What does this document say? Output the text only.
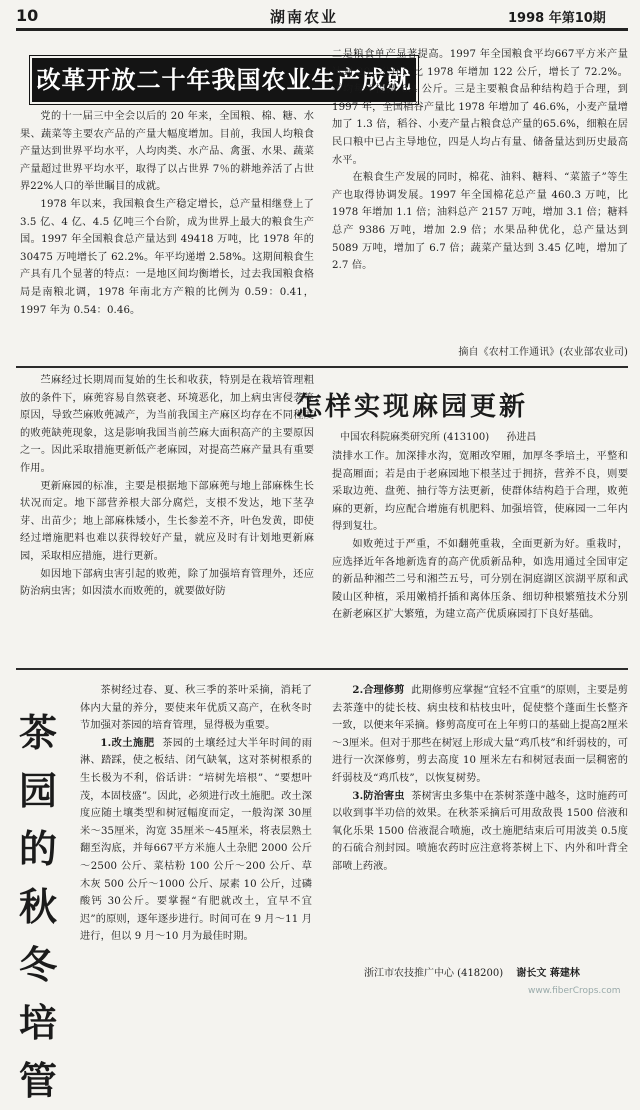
10	湖南农业	1998 年第10期
改革开放二十年我国农业生产成就

党的十一届三中全会以后的 20 年来，全国粮、棉、糖、水果、蔬菜等主要农产品的产量大幅度增加。目前，我国人均粮食产量达到世界平均水平，人均肉类、水产品、禽蛋、水果、蔬菜产量超过世界平均水平，取得了以占世界 7％的耕地养活了占世界22%人口的举世瞩目的成就。

1978 年以来，我国粮食生产稳定增长，总产量相继登上了 3.5 亿、4 亿、4.5 亿吨三个台阶，成为世界上最大的粮食生产国。1997 年全国粮食总产量达到 49418 万吨，比 1978 年的 30475 万吨增长了 62.2%。年平均递增 2.58%。这期间粮食生产具有几个显著的特点：一是地区间均衡增长，过去我国粮食格局是南粮北调，1978 年南北方产粮的比例为 0.59：0.41，1997 年为 0.54：0.46。

二是粮食单产显著提高。1997 年全国粮食平均667平方米产量达到 291 公斤，比 1978 年增加 122 公斤，增长了 72.2%。平均每年提高 6.4 公斤。三是主要粮食品种结构趋于合理，到 1997 年，全国稻谷产量比 1978 年增加了 46.6%，小麦产量增加了 1.3 倍，稻谷、小麦产量占粮食总产量的65.6%，细粮在居民口粮中已占主导地位，四是人均占有量、储备量达到历史最高水平。

在粮食生产发展的同时，棉花、油料、糖料、“菜篮子”等生产也取得协调发展。1997 年全国棉花总产量 460.3 万吨，比 1978 年增加 1.1 倍；油料总产 2157 万吨，增加 3.1 倍；糖料总产 9386 万吨，增加 2.9 倍；水果品种优化，总产量达到 5089 万吨，增加了 6.7 倍；蔬菜产量达到 3.45 亿吨，增加了 2.7 倍。

摘自《农村工作通讯》(农业部农业司)
怎样实现麻园更新
中国农科院麻类研究所 (413100) 孙进昌

苎麻经过长期周而复始的生长和收获，特别是在栽培管理粗放的条件下，麻蔸容易自然衰老、环境恶化，加上病虫害侵袭等原因，导致苎麻败蔸减产，为当前我国主产麻区均存在不同程度的败蔸缺蔸现象，这是影响我国当前苎麻大面积高产的主要原因之一。因此采取措施更新低产老麻园，对提高苎麻产量具有重要作用。

更新麻园的标准，主要是根据地下部麻蔸与地上部麻株生长状况而定。地下部营养根大部分腐烂，支根不发达，地下茎孕芽、出苗少；地上部麻株矮小，生长参差不齐，叶色发黄，即使经过增施肥料也难以获得较好产量，就应及时有计划地更新麻园，采取相应措施，进行更新。

如因地下部病虫害引起的败蔸，除了加强培育管理外，还应防治病虫害；如因渍水而败蔸的，就要做好防

渍排水工作。加深排水沟，宽厢改窄厢，加厚冬季培土，平整和提高厢面；若是由于老麻园地下根茎过于拥挤，营养不良，则要采取边蔸、盘蔸、抽行等方法更新，使群体结构趋于合理，败蔸麻的更新，均应配合增施有机肥料、加强培管，使麻园一二年内得到复壮。

如败蔸过于严重，不如翻蔸重栽，全面更新为好。重栽时，应选择近年各地新选育的高产优质新品种，如选用通过全国审定的新品种湘苎二号和湘苎五号，可分别在洞庭湖区滨湖平原和武陵山区种植，采用嫩梢扦插和离体压条、细切种根繁殖技术分别在新老麻区扩大繁殖，为建立高产优质麻园打下良好基础。

茶
园
的
秋
冬
培
管

茶树经过春、夏、秋三季的茶叶采摘，消耗了体内大量的养分，要使来年优质又高产，在秋冬时节加强对茶园的培育管理，显得极为重要。

1.改土施肥 茶园的土壤经过大半年时间的雨淋、踏踩，使之板结、闭气缺氧，这对茶树根系的生长极为不利，俗话讲：“培树先培根”、“要想叶茂，本固枝盛”。因此，必须进行改土施肥。改土深度应随土壤类型和树冠幅度而定，一般沟深 30厘米～35厘米，沟宽 35厘米～45厘米，将表层熟土翻至沟底，并每667平方米施人土杂肥 2000 公斤～2500 公斤、菜枯粉 100 公斤～200 公斤、草木灰 500 公斤～1000 公斤、尿素 10 公斤，过磷酸钙 30公斤。要掌握“有肥就改土，宜早不宜迟”的原则，逐年逐步进行。时间可在 9 月～11 月进行，但以 9 月～10 月为最佳时期。

2.合理修剪 此期修剪应掌握“宜轻不宜重”的原则，主要是剪去茶蓬中的徒长枝、病虫枝和枯枝虫叶，促使整个蓬面生长整齐一致，以便来年采摘。修剪高度可在上年剪口的基础上提高2厘米～3厘米。但对于那些在树冠上形成大量“鸡爪枝”和纤弱枝的，可进行一次深修剪，剪去高度 10 厘米左右和树冠表面一层稠密的纤弱枝及“鸡爪枝”，以恢复树势。

3.防治害虫 茶树害虫多集中在茶树茶蓬中越冬，这时施药可以收到事半功倍的效果。在秋茶采摘后可用敌敌畏 1500 倍液和氧化乐果 1500 倍液混合喷施，改土施肥结束后可用波美 0.5度的石硫合剂封园。喷施农药时应注意将茶树上下、内外和叶背全部喷上药液。

浙江市农技推广中心 (418200) 谢长文 蒋建林
www.fiberCrops.com
